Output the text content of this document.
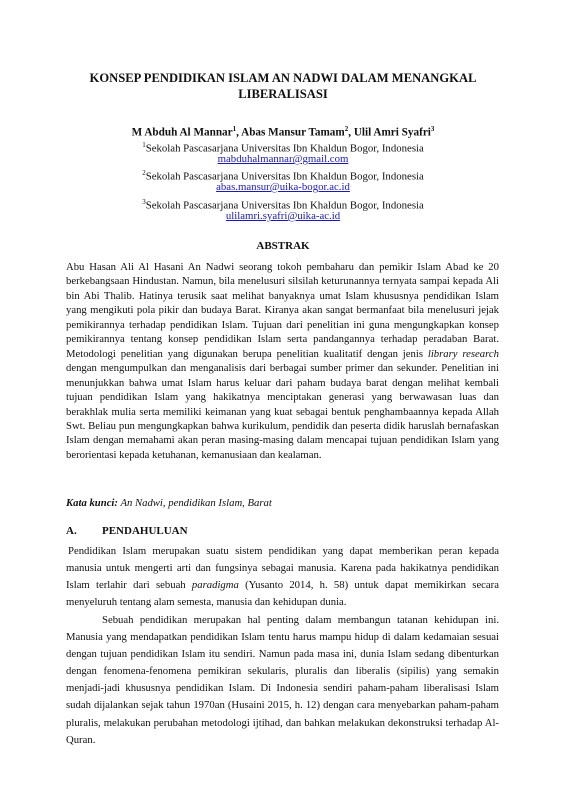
KONSEP PENDIDIKAN ISLAM AN NADWI DALAM MENANGKAL LIBERALISASI
M Abduh Al Mannar$^1$, Abas Mansur Tamam$^2$, Ulil Amri Syafri$^3$
$^1$Sekolah Pascasarjana Universitas Ibn Khaldun Bogor, Indonesia
mabduhalmannar@gmail.com
$^2$Sekolah Pascasarjana Universitas Ibn Khaldun Bogor, Indonesia
abas.mansur@uika-bogor.ac.id
$^3$Sekolah Pascasarjana Universitas Ibn Khaldun Bogor, Indonesia
ulilamri.syafri@uika-ac.id
ABSTRAK
Abu Hasan Ali Al Hasani An Nadwi seorang tokoh pembaharu dan pemikir Islam Abad ke 20 berkebangsaan Hindustan. Namun, bila menelusuri silsilah keturunannya ternyata sampai kepada Ali bin Abi Thalib. Hatinya terusik saat melihat banyaknya umat Islam khususnya pendidikan Islam yang mengikuti pola pikir dan budaya Barat. Kiranya akan sangat bermanfaat bila menelusuri jejak pemikirannya terhadap pendidikan Islam. Tujuan dari penelitian ini guna mengungkapkan konsep pemikirannya tentang konsep pendidikan Islam serta pandangannya terhadap peradaban Barat. Metodologi penelitian yang digunakan berupa penelitian kualitatif dengan jenis library research dengan mengumpulkan dan menganalisis dari berbagai sumber primer dan sekunder. Penelitian ini menunjukkan bahwa umat Islam harus keluar dari paham budaya barat dengan melihat kembali tujuan pendidikan Islam yang hakikatnya menciptakan generasi yang berwawasan luas dan berakhlak mulia serta memiliki keimanan yang kuat sebagai bentuk penghambaannya kepada Allah Swt. Beliau pun mengungkapkan bahwa kurikulum, pendidik dan peserta didik haruslah bernafaskan Islam dengan memahami akan peran masing-masing dalam mencapai tujuan pendidikan Islam yang berorientasi kepada ketuhanan, kemanusiaan dan kealaman.
Kata kunci: An Nadwi, pendidikan Islam, Barat
A. PENDAHULUAN
Pendidikan Islam merupakan suatu sistem pendidikan yang dapat memberikan peran kepada manusia untuk mengerti arti dan fungsinya sebagai manusia. Karena pada hakikatnya pendidikan Islam terlahir dari sebuah paradigma (Yusanto 2014, h. 58) untuk dapat memikirkan secara menyeluruh tentang alam semesta, manusia dan kehidupan dunia.
Sebuah pendidikan merupakan hal penting dalam membangun tatanan kehidupan ini. Manusia yang mendapatkan pendidikan Islam tentu harus mampu hidup di dalam kedamaian sesuai dengan tujuan pendidikan Islam itu sendiri. Namun pada masa ini, dunia Islam sedang dibenturkan dengan fenomena-fenomena pemikiran sekularis, pluralis dan liberalis (sipilis) yang semakin menjadi-jadi khususnya pendidikan Islam. Di Indonesia sendiri paham-paham liberalisasi Islam sudah dijalankan sejak tahun 1970an (Husaini 2015, h. 12) dengan cara menyebarkan paham-paham pluralis, melakukan perubahan metodologi ijtihad, dan bahkan melakukan dekonstruksi terhadap Al-Quran.
